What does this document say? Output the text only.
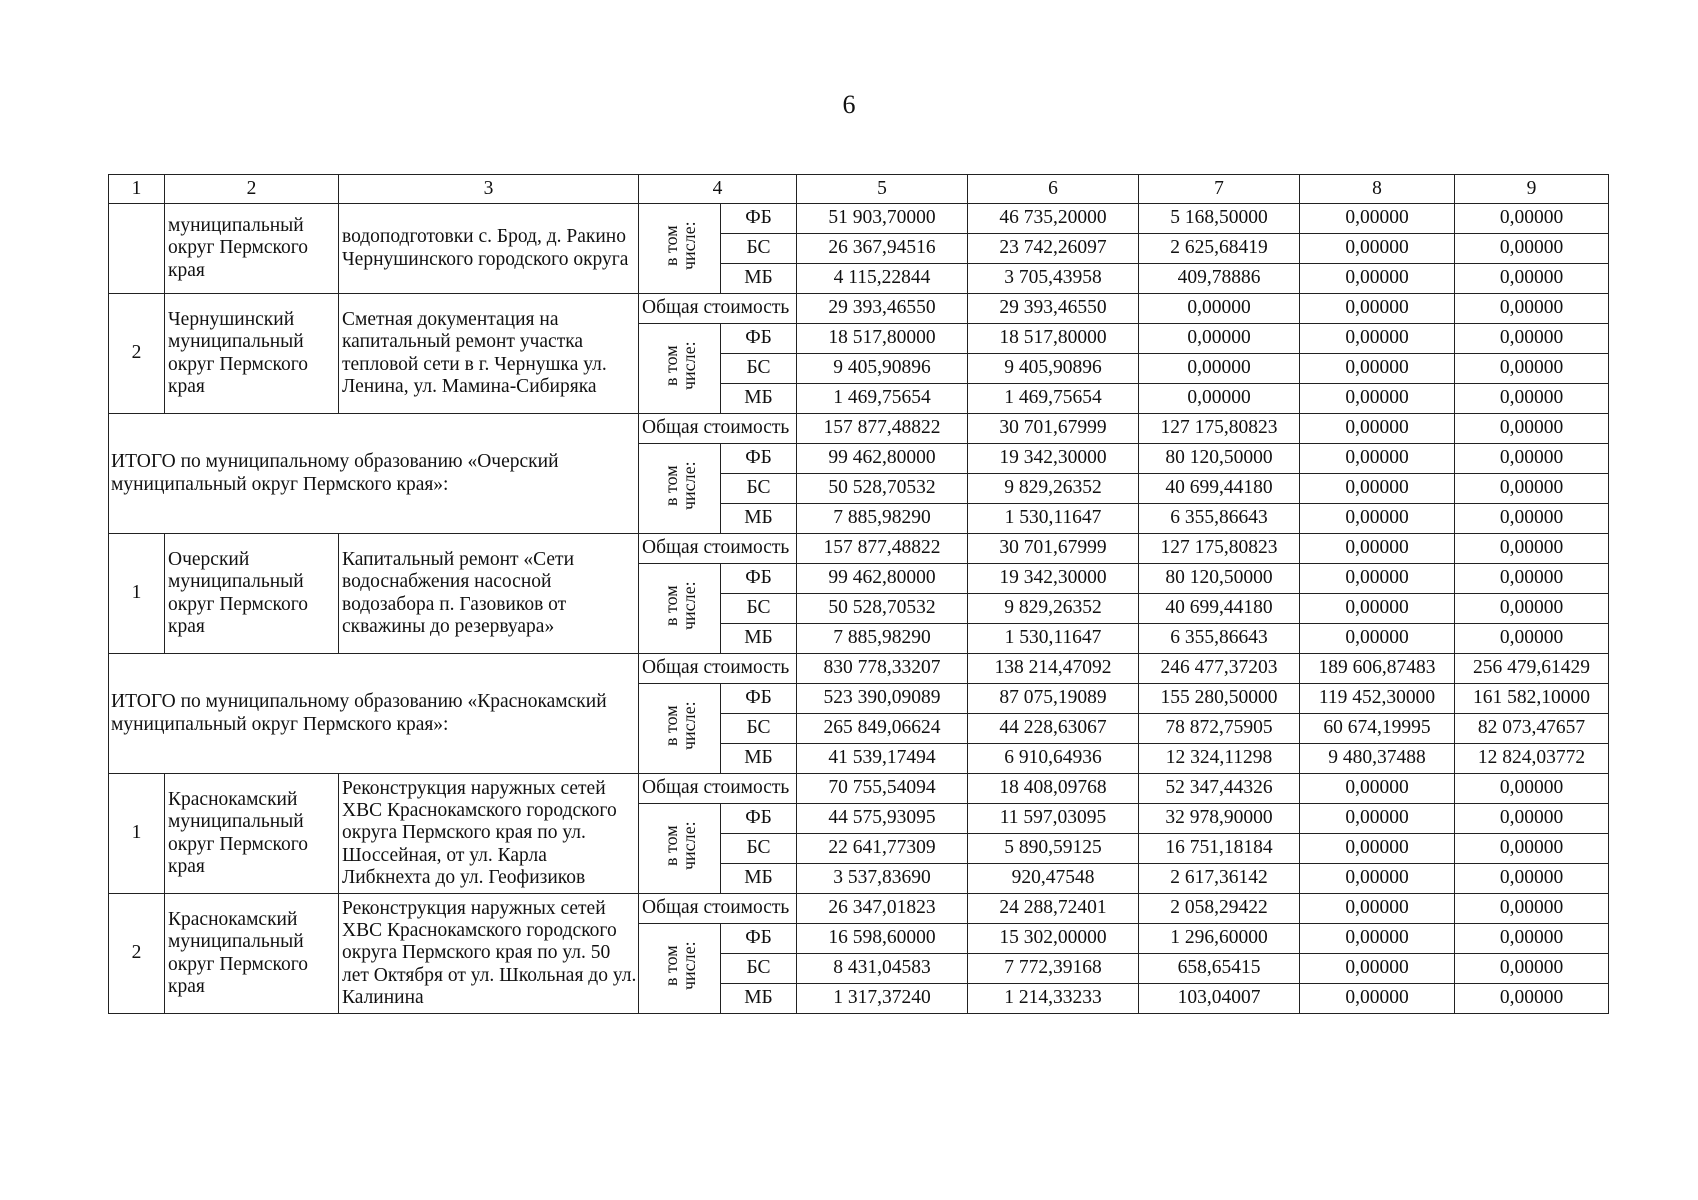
6
1	2	3	4		5	6	7	8	9
	муниципальный округ Пермского края	водоподготовки с. Брод, д. Ракино Чернушинского городского округа	в том числе:	ФБ	51 903,70000	46 735,20000	5 168,50000	0,00000	0,00000
				БС	26 367,94516	23 742,26097	2 625,68419	0,00000	0,00000
				МБ	4 115,22844	3 705,43958	409,78886	0,00000	0,00000
2	Чернушинский муниципальный округ Пермского края	Сметная документация на капитальный ремонт участка тепловой сети в г. Чернушка ул. Ленина, ул. Мамина-Сибиряка	Общая стоимость		29 393,46550	29 393,46550	0,00000	0,00000	0,00000
			в том числе:	ФБ	18 517,80000	18 517,80000	0,00000	0,00000	0,00000
				БС	9 405,90896	9 405,90896	0,00000	0,00000	0,00000
				МБ	1 469,75654	1 469,75654	0,00000	0,00000	0,00000
ИТОГО по муниципальному образованию «Очерский муниципальный округ Пермского края»:			Общая стоимость		157 877,48822	30 701,67999	127 175,80823	0,00000	0,00000
			в том числе:	ФБ	99 462,80000	19 342,30000	80 120,50000	0,00000	0,00000
				БС	50 528,70532	9 829,26352	40 699,44180	0,00000	0,00000
				МБ	7 885,98290	1 530,11647	6 355,86643	0,00000	0,00000
1	Очерский муниципальный округ Пермского края	Капитальный ремонт «Сети водоснабжения насосной водозабора п. Газовиков от скважины до резервуара»	Общая стоимость		157 877,48822	30 701,67999	127 175,80823	0,00000	0,00000
			в том числе:	ФБ	99 462,80000	19 342,30000	80 120,50000	0,00000	0,00000
				БС	50 528,70532	9 829,26352	40 699,44180	0,00000	0,00000
				МБ	7 885,98290	1 530,11647	6 355,86643	0,00000	0,00000
ИТОГО по муниципальному образованию «Краснокамский муниципальный округ Пермского края»:			Общая стоимость		830 778,33207	138 214,47092	246 477,37203	189 606,87483	256 479,61429
			в том числе:	ФБ	523 390,09089	87 075,19089	155 280,50000	119 452,30000	161 582,10000
				БС	265 849,06624	44 228,63067	78 872,75905	60 674,19995	82 073,47657
				МБ	41 539,17494	6 910,64936	12 324,11298	9 480,37488	12 824,03772
1	Краснокамский муниципальный округ Пермского края	Реконструкция наружных сетей ХВС Краснокамского городского округа Пермского края по ул. Шоссейная, от ул. Карла Либкнехта до ул. Геофизиков	Общая стоимость		70 755,54094	18 408,09768	52 347,44326	0,00000	0,00000
			в том числе:	ФБ	44 575,93095	11 597,03095	32 978,90000	0,00000	0,00000
				БС	22 641,77309	5 890,59125	16 751,18184	0,00000	0,00000
				МБ	3 537,83690	920,47548	2 617,36142	0,00000	0,00000
2	Краснокамский муниципальный округ Пермского края	Реконструкция наружных сетей ХВС Краснокамского городского округа Пермского края по ул. 50 лет Октября от ул. Школьная до ул. Калинина	Общая стоимость		26 347,01823	24 288,72401	2 058,29422	0,00000	0,00000
			в том числе:	ФБ	16 598,60000	15 302,00000	1 296,60000	0,00000	0,00000
				БС	8 431,04583	7 772,39168	658,65415	0,00000	0,00000
				МБ	1 317,37240	1 214,33233	103,04007	0,00000	0,00000
